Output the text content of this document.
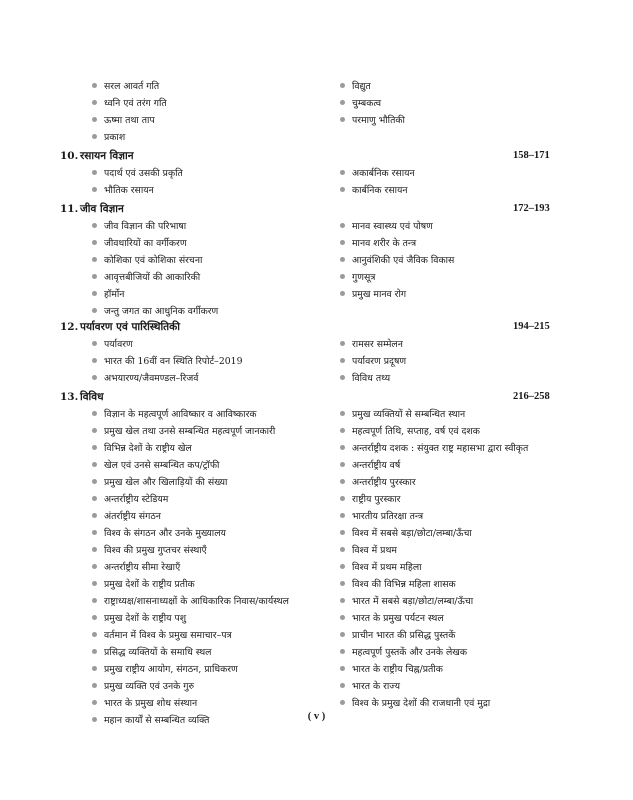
सरल आवर्त गति	विद्युत
ध्वनि एवं तरंग गति	चुम्बकत्व
ऊष्मा तथा ताप	परमाणु भौतिकी
प्रकाश
10. रसायन विज्ञान	158–171
पदार्थ एवं उसकी प्रकृति	अकार्बनिक रसायन
भौतिक रसायन	कार्बनिक रसायन
11. जीव विज्ञान	172–193
जीव विज्ञान की परिभाषा	मानव स्वास्थ्य एवं पोषण
जीवधारियों का वर्गीकरण	मानव शरीर के तन्त्र
कोशिका एवं कोशिका संरचना	आनुवंशिकी एवं जैविक विकास
आवृत्तबीजियों की आकारिकी	गुणसूत्र
हॉर्मोन	प्रमुख मानव रोग
जन्तु जगत का आधुनिक वर्गीकरण
12. पर्यावरण एवं पारिस्थितिकी	194–215
पर्यावरण	रामसर सम्मेलन
भारत की 16वीं वन स्थिति रिपोर्ट–2019	पर्यावरण प्रदूषण
अभयारण्य/जैवमण्डल–रिजर्व	विविध तथ्य
13. विविध	216–258
विज्ञान के महत्वपूर्ण आविष्कार व आविष्कारक	प्रमुख व्यक्तियों से सम्बन्धित स्थान
प्रमुख खेल तथा उनसे सम्बन्धित महत्वपूर्ण जानकारी	महत्वपूर्ण तिथि, सप्ताह, वर्ष एवं दशक
विभिन्न देशों के राष्ट्रीय खेल	अन्तर्राष्ट्रीय दशक : संयुक्त राष्ट्र महासभा द्वारा स्वीकृत
खेल एवं उनसे सम्बन्धित कप/ट्रॉफी	अन्तर्राष्ट्रीय वर्ष
प्रमुख खेल और खिलाड़ियों की संख्या	अन्तर्राष्ट्रीय पुरस्कार
अन्तर्राष्ट्रीय स्टेडियम	राष्ट्रीय पुरस्कार
अंतर्राष्ट्रीय संगठन	भारतीय प्रतिरक्षा तन्त्र
विश्व के संगठन और उनके मुख्यालय	विश्व में सबसे बड़ा/छोटा/लम्बा/ऊँचा
विश्व की प्रमुख गुप्तचर संस्थाएँ	विश्व में प्रथम
अन्तर्राष्ट्रीय सीमा रेखाएँ	विश्व में प्रथम महिला
प्रमुख देशों के राष्ट्रीय प्रतीक	विश्व की विभिन्न महिला शासक
राष्ट्राध्यक्ष/शासनाध्यक्षों के आधिकारिक निवास/कार्यस्थल	भारत में सबसे बड़ा/छोटा/लम्बा/ऊँचा
प्रमुख देशों के राष्ट्रीय पशु	भारत के प्रमुख पर्यटन स्थल
वर्तमान में विश्व के प्रमुख समाचार–पत्र	प्राचीन भारत की प्रसिद्ध पुस्तकें
प्रसिद्ध व्यक्तियों के समाधि स्थल	महत्वपूर्ण पुस्तकें और उनके लेखक
प्रमुख राष्ट्रीय आयोग, संगठन, प्राधिकरण	भारत के राष्ट्रीय चिह्न/प्रतीक
प्रमुख व्यक्ति एवं उनके गुरु	भारत के राज्य
भारत के प्रमुख शोध संस्थान	विश्व के प्रमुख देशों की राजधानी एवं मुद्रा
महान कार्यों से सम्बन्धित व्यक्ति	( v )
